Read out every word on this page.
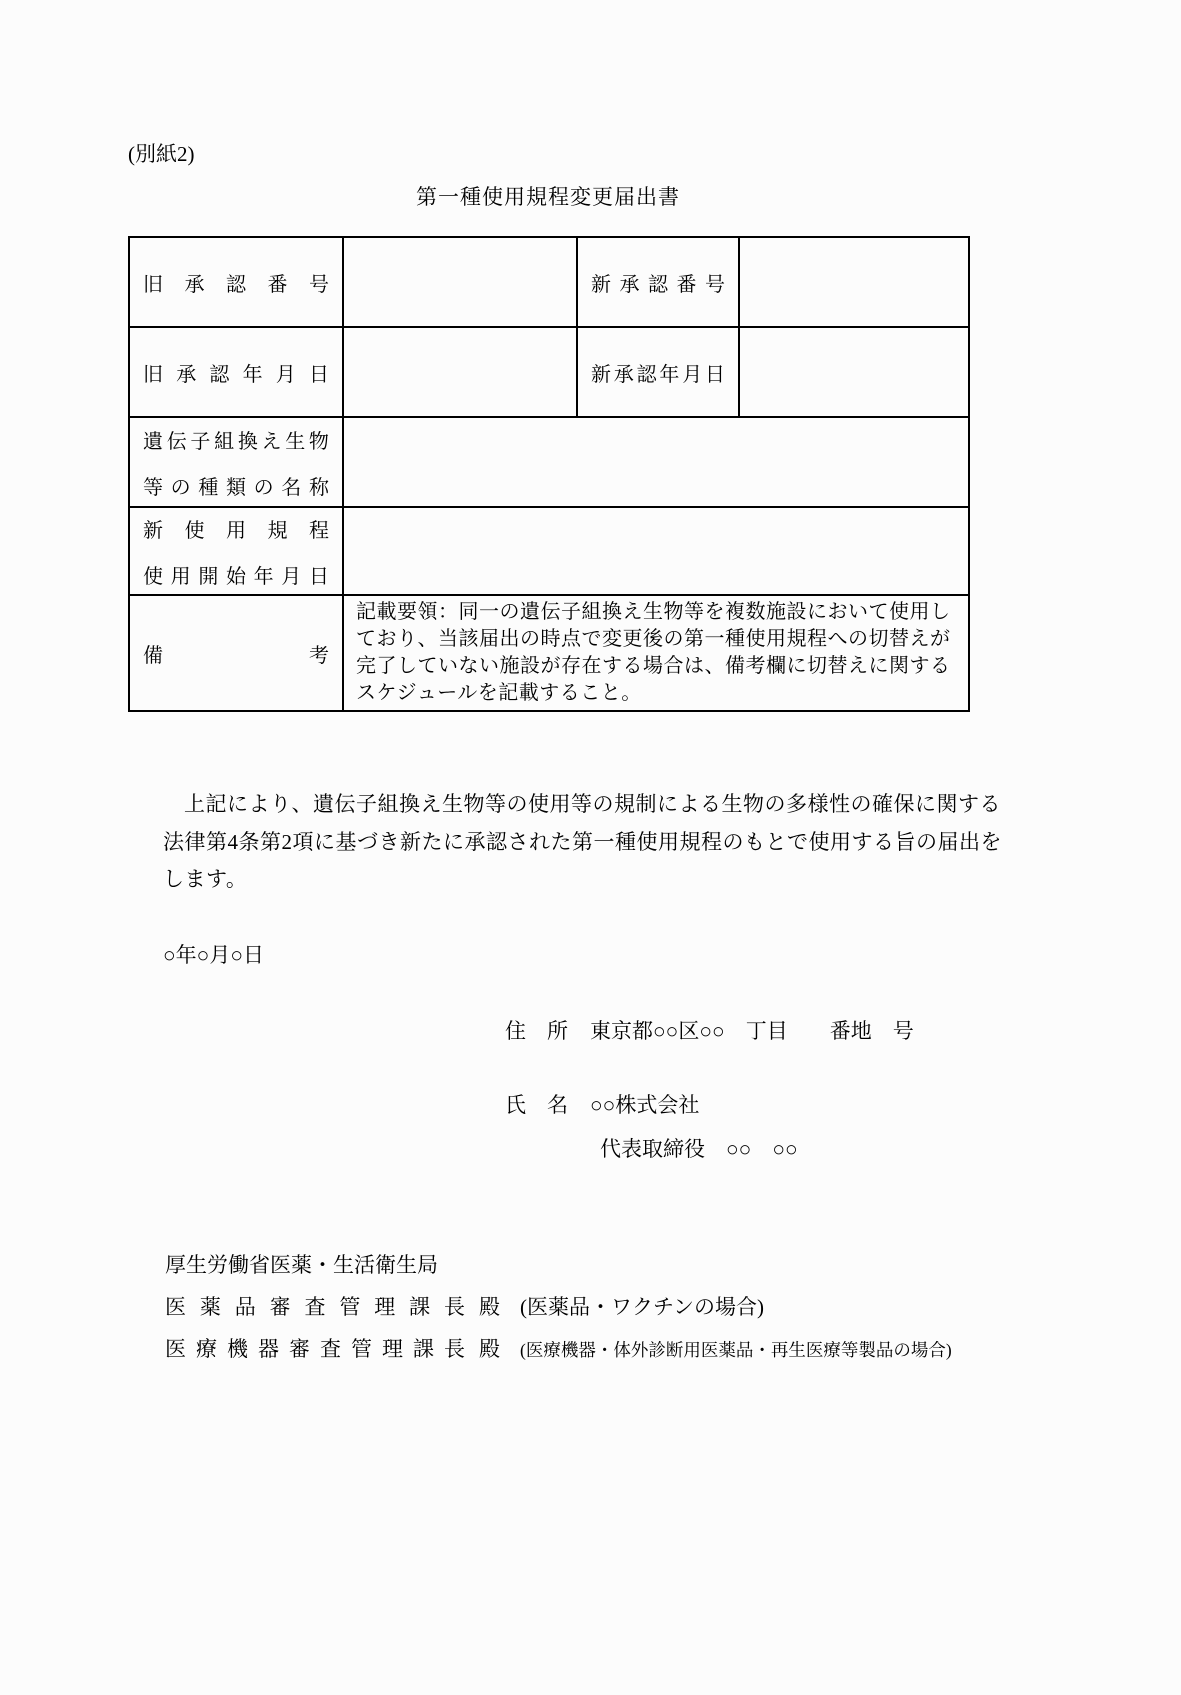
(別紙2)
第一種使用規程変更届出書
旧 承 認 番 号		新 承 認 番 号	

旧 承 認 年 月 日		新 承 認 年 月 日

遺 伝 子 組 換 え 生 物
等 の 種 類 の 名 称

新 使 用 規 程
使 用 開 始 年 月 日

備 考	記載要領：同一の遺伝子組換え生物等を複数施設において使用しており、当該届出の時点で変更後の第一種使用規程への切替えが完了していない施設が存在する場合は、備考欄に切替えに関するスケジュールを記載すること。		
上記により、遺伝子組換え生物等の使用等の規制による生物の多様性の確保に関する法律第4条第2項に基づき新たに承認された第一種使用規程のもとで使用する旨の届出をします。
○年○月○日
住　所 東京都○○区○○　丁目　　番地　号
氏　名 ○○株式会社
代表取締役　○○　○○
厚生労働省医薬・生活衛生局
医 薬 品 審 査 管 理 課 長 殿 (医薬品・ワクチンの場合)
医 療 機 器 審 査 管 理 課 長 殿 (医療機器・体外診断用医薬品・再生医療等製品の場合)
